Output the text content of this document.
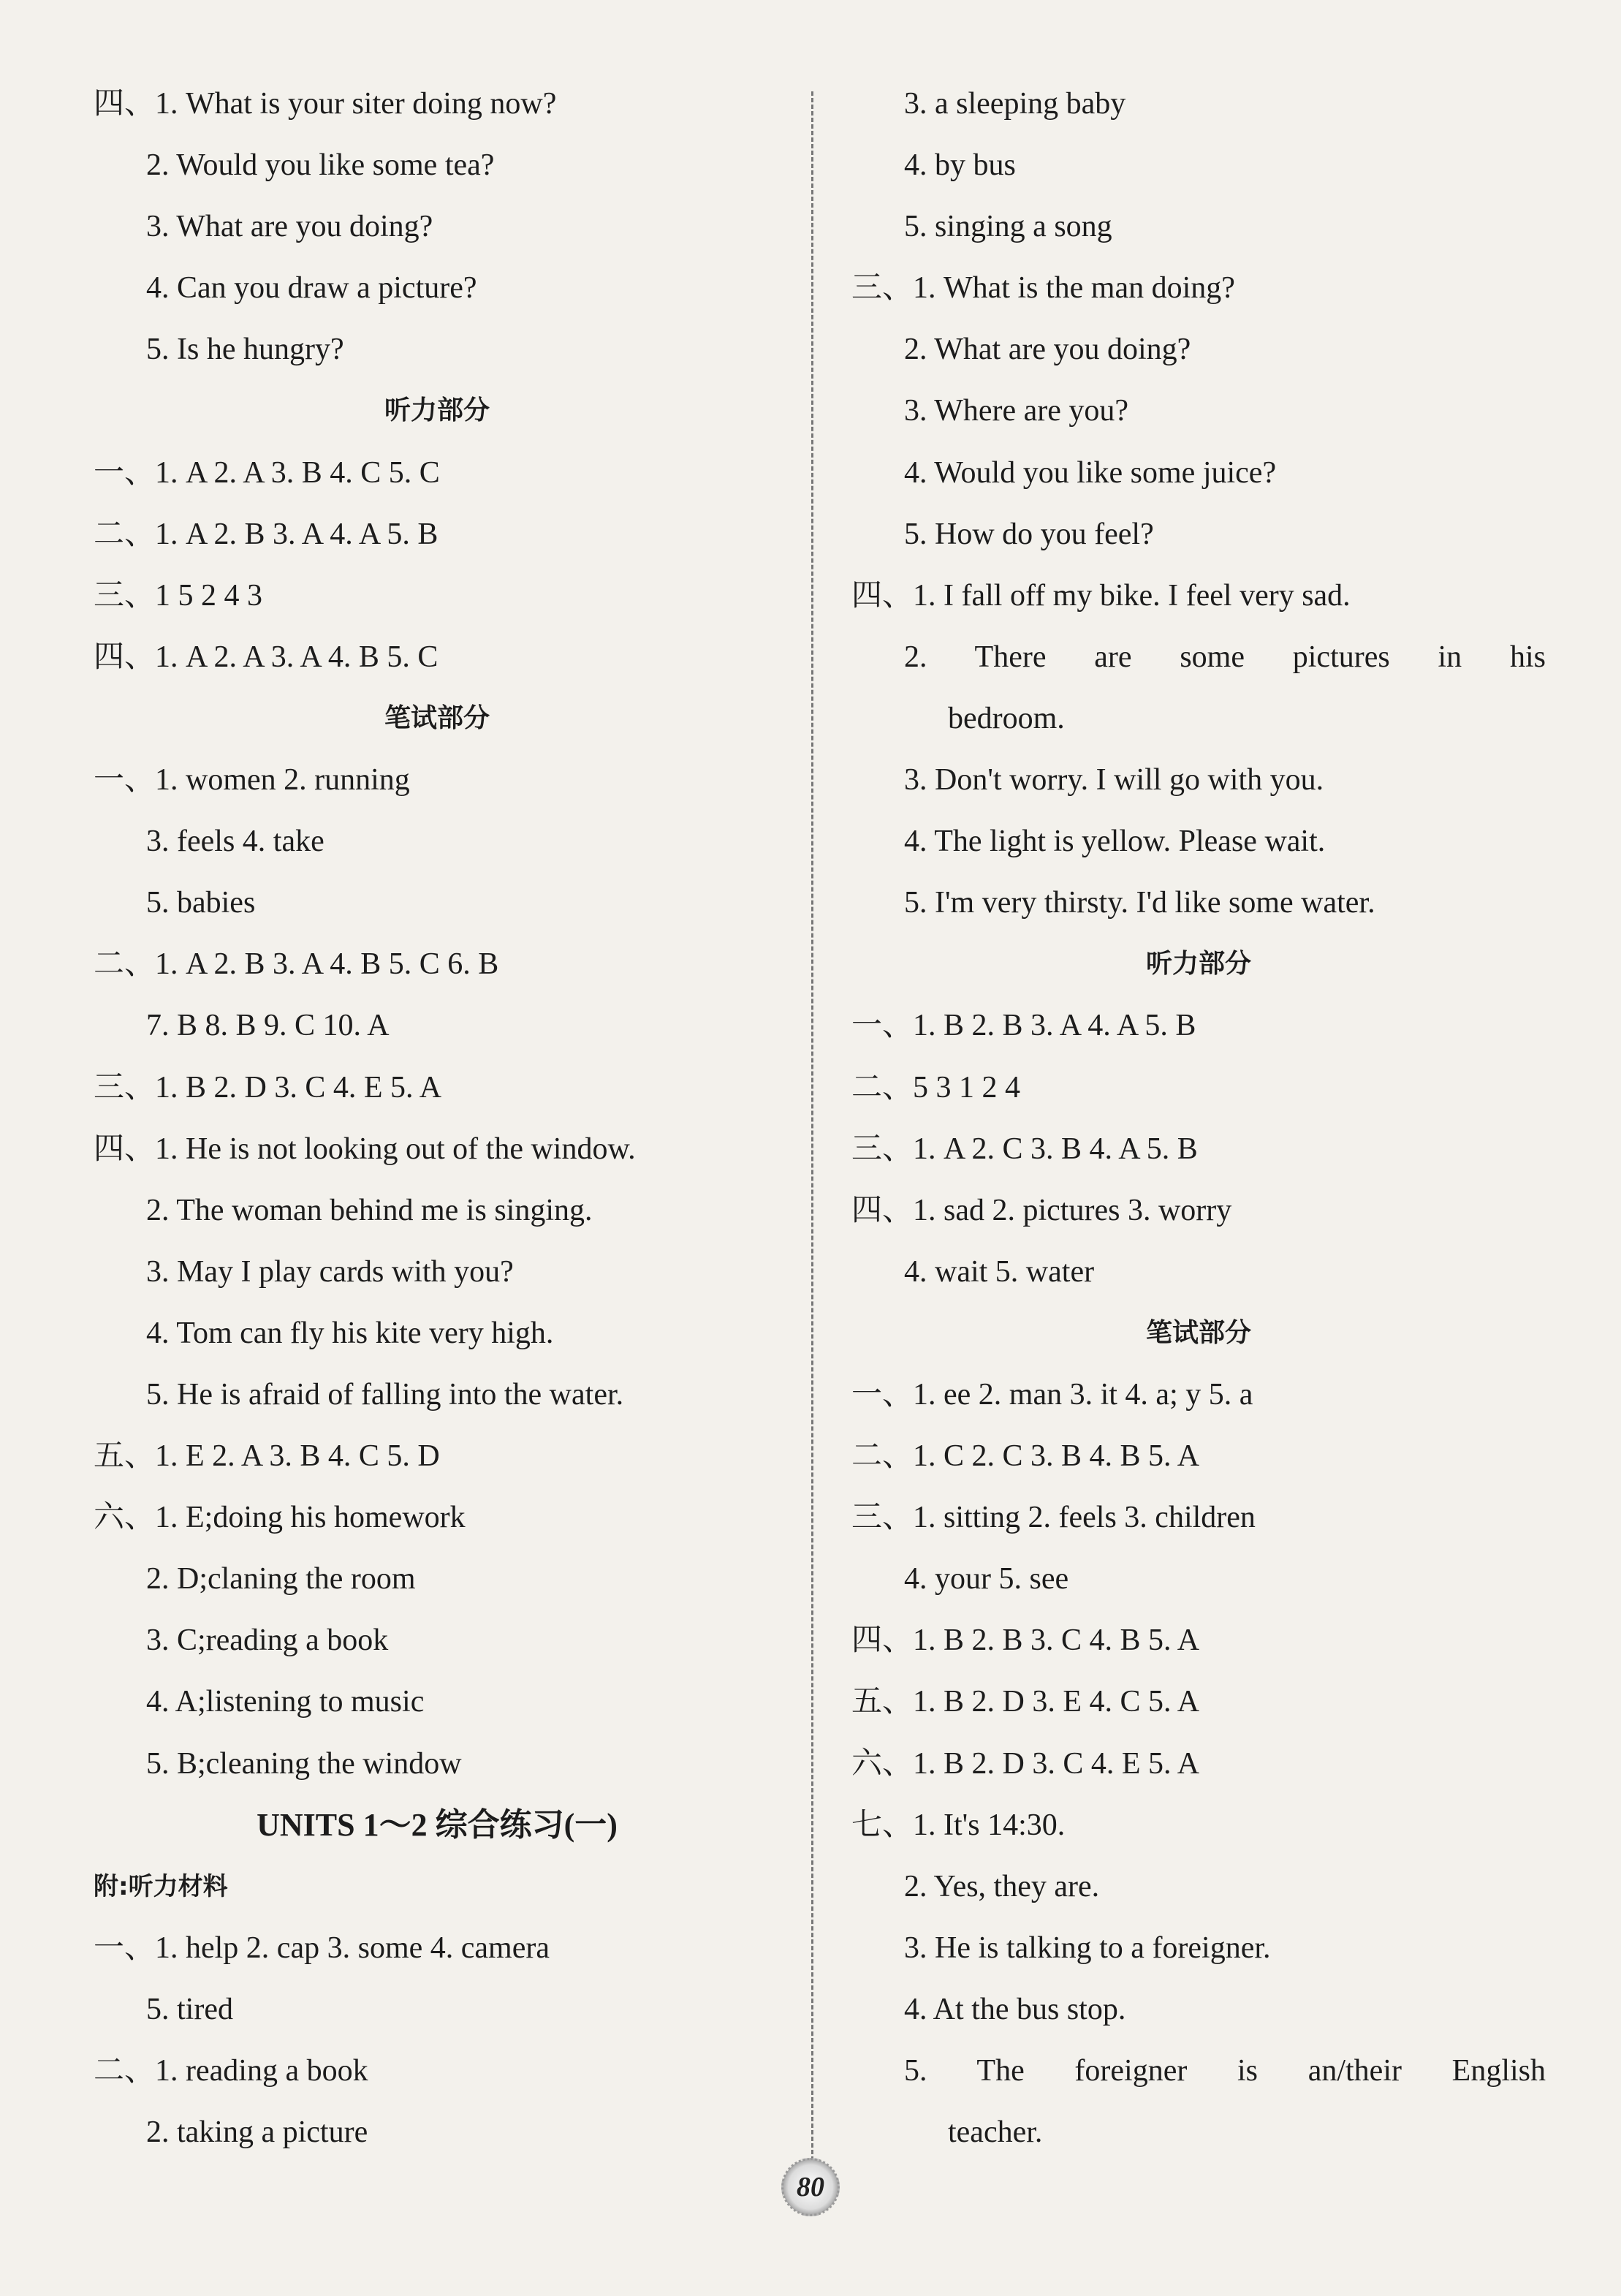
四、1. What is your siter doing now?
2. Would you like some tea?
3. What are you doing?
4. Can you draw a picture?
5. Is he hungry?
听力部分
一、1. A 2. A 3. B 4. C 5. C
二、1. A 2. B 3. A 4. A 5. B
三、1 5 2 4 3
四、1. A 2. A 3. A 4. B 5. C
笔试部分
一、1. women 2. running
3. feels 4. take
5. babies
二、1. A 2. B 3. A 4. B 5. C 6. B
7. B 8. B 9. C 10. A
三、1. B 2. D 3. C 4. E 5. A
四、1. He is not looking out of the window.
2. The woman behind me is singing.
3. May I play cards with you?
4. Tom can fly his kite very high.
5. He is afraid of falling into the water.
五、1. E 2. A 3. B 4. C 5. D
六、1. E;doing his homework
2. D;claning the room
3. C;reading a book
4. A;listening to music
5. B;cleaning the window
UNITS 1～2 综合练习(一)
附:听力材料
一、1. help 2. cap 3. some 4. camera
5. tired
二、1. reading a book
2. taking a picture
3. a sleeping baby
4. by bus
5. singing a song
三、1. What is the man doing?
2. What are you doing?
3. Where are you?
4. Would you like some juice?
5. How do you feel?
四、1. I fall off my bike. I feel very sad.
2. There are some pictures in his
bedroom.
3. Don't worry. I will go with you.
4. The light is yellow. Please wait.
5. I'm very thirsty. I'd like some water.
听力部分
一、1. B 2. B 3. A 4. A 5. B
二、5 3 1 2 4
三、1. A 2. C 3. B 4. A 5. B
四、1. sad 2. pictures 3. worry
4. wait 5. water
笔试部分
一、1. ee 2. man 3. it 4. a; y 5. a
二、1. C 2. C 3. B 4. B 5. A
三、1. sitting 2. feels 3. children
4. your 5. see
四、1. B 2. B 3. C 4. B 5. A
五、1. B 2. D 3. E 4. C 5. A
六、1. B 2. D 3. C 4. E 5. A
七、1. It's 14:30.
2. Yes, they are.
3. He is talking to a foreigner.
4. At the bus stop.
5. The foreigner is an/their English
teacher.
80
